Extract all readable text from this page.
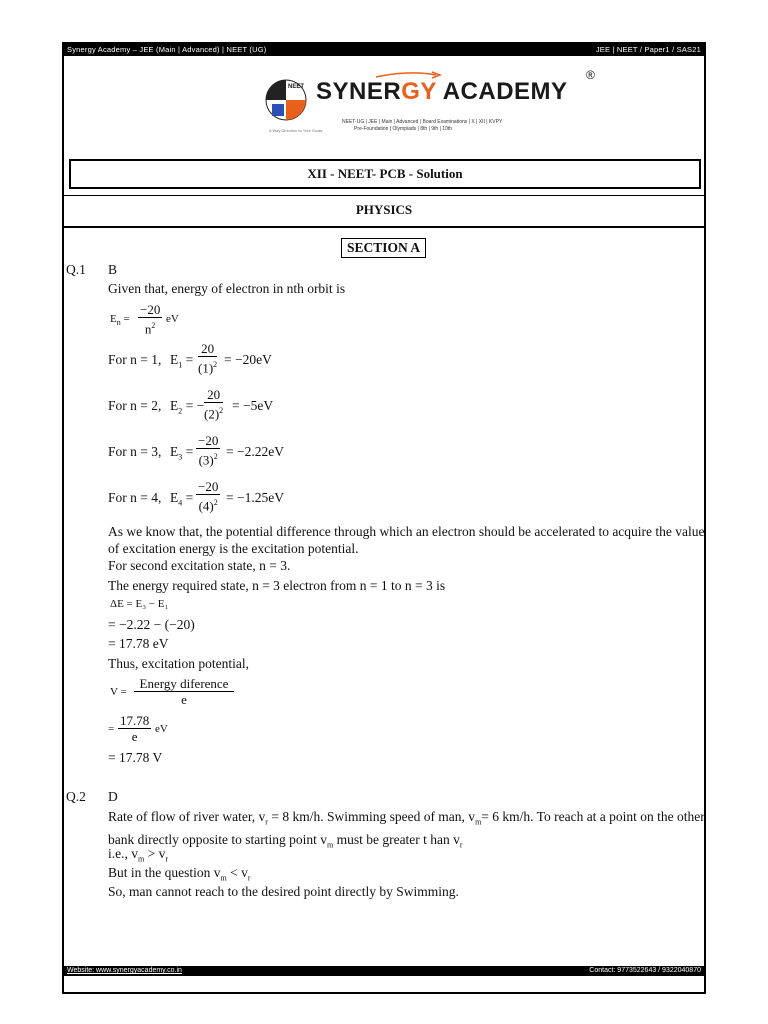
Synergy Academy – JEE (Main | Advanced) | NEET (UG)	JEE | NEET / Paper1 / SAS21
NEET SYNERGY ACADEMY
®
NEET-UG | JEE | Main | Advanced | Board Examinations | X | XII | KVPY
Pre-Foundation | Olympiads | 8th | 9th | 10th
A Way Direction to Your Goals
XII - NEET- PCB - Solution
PHYSICS
SECTION A
Website: www.synergyacademy.co.in	Contact: 9773522643 / 9322040870
Q.1 B
Given that, energy of electron in nth orbit is
$E_n = \frac{-20}{n^2}$ eV
For n = 1, $E_1 = \frac{20}{(1)^2} = -20eV$
For n = 2, $E_2$ = − $\frac{20}{(2)^2} = -5eV$
For n = 3, $E_3 = \frac{-20}{(3)^2} = -2.22eV$
For n = 4, $E_4 = \frac{-20}{(4)^2} = -1.25eV$
As we know that, the potential difference through which an electron should be accelerated to acquire the value of excitation energy is the excitation potential.
For second excitation state, n = 3.
The energy required state, n = 3 electron from n = 1 to n = 3 is
ΔE = E₃ − E₁
= −2.22 − (−20)
= 17.78 eV
Thus, excitation potential,
V =
Energy diference
e
= $\frac{17.78}{e}$ eV
= 17.78 V
Q.2 D
Rate of flow of river water, $v_r = 8$ km/h. Swimming speed of man, $v_m= 6$ km/h. To reach at a point on the other bank directly opposite to starting point $v_m$ must be greater t han $v_r$
i.e., $v_m > v_r$
But in the question $v_m < v_r$
So, man cannot reach to the desired point directly by Swimming.
